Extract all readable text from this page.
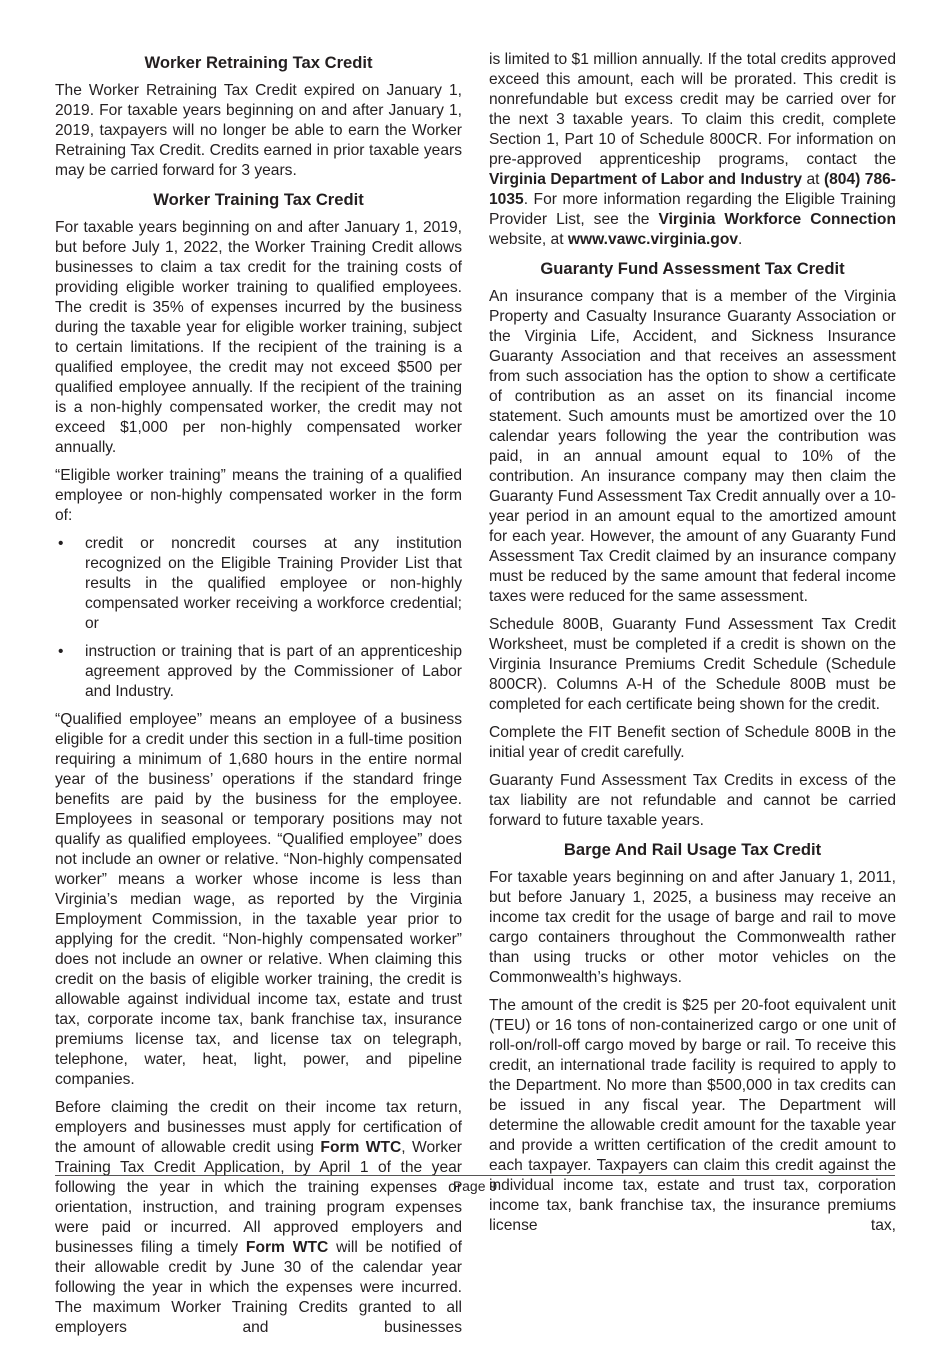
Worker Retraining Tax Credit

The Worker Retraining Tax Credit expired on January 1, 2019. For taxable years beginning on and after January 1, 2019, taxpayers will no longer be able to earn the Worker Retraining Tax Credit. Credits earned in prior taxable years may be carried forward for 3 years.

Worker Training Tax Credit

For taxable years beginning on and after January 1, 2019, but before July 1, 2022, the Worker Training Credit allows businesses to claim a tax credit for the training costs of providing eligible worker training to qualified employees. The credit is 35% of expenses incurred by the business during the taxable year for eligible worker training, subject to certain limitations. If the recipient of the training is a qualified employee, the credit may not exceed $500 per qualified employee annually. If the recipient of the training is a non-highly compensated worker, the credit may not exceed $1,000 per non-highly compensated worker annually.

“Eligible worker training” means the training of a qualified employee or non-highly compensated worker in the form of:

• credit or noncredit courses at any institution recognized on the Eligible Training Provider List that results in the qualified employee or non-highly compensated worker receiving a workforce credential; or
• instruction or training that is part of an apprenticeship agreement approved by the Commissioner of Labor and Industry.

“Qualified employee” means an employee of a business eligible for a credit under this section in a full-time position requiring a minimum of 1,680 hours in the entire normal year of the business’ operations if the standard fringe benefits are paid by the business for the employee. Employees in seasonal or temporary positions may not qualify as qualified employees. “Qualified employee” does not include an owner or relative. “Non-highly compensated worker” means a worker whose income is less than Virginia’s median wage, as reported by the Virginia Employment Commission, in the taxable year prior to applying for the credit. “Non-highly compensated worker” does not include an owner or relative. When claiming this credit on the basis of eligible worker training, the credit is allowable against individual income tax, estate and trust tax, corporate income tax, bank franchise tax, insurance premiums license tax, and license tax on telegraph, telephone, water, heat, light, power, and pipeline companies.

Before claiming the credit on their income tax return, employers and businesses must apply for certification of the amount of allowable credit using Form WTC, Worker Training Tax Credit Application, by April 1 of the year following the year in which the training expenses or orientation, instruction, and training program expenses were paid or incurred. All approved employers and businesses filing a timely Form WTC will be notified of their allowable credit by June 30 of the calendar year following the year in which the expenses were incurred. The maximum Worker Training Credits granted to all employers and businesses

is limited to $1 million annually. If the total credits approved exceed this amount, each will be prorated. This credit is nonrefundable but excess credit may be carried over for the next 3 taxable years. To claim this credit, complete Section 1, Part 10 of Schedule 800CR. For information on pre-approved apprenticeship programs, contact the Virginia Department of Labor and Industry at (804) 786-1035. For more information regarding the Eligible Training Provider List, see the Virginia Workforce Connection website, at www.vawc.virginia.gov.

Guaranty Fund Assessment Tax Credit

An insurance company that is a member of the Virginia Property and Casualty Insurance Guaranty Association or the Virginia Life, Accident, and Sickness Insurance Guaranty Association and that receives an assessment from such association has the option to show a certificate of contribution as an asset on its financial income statement. Such amounts must be amortized over the 10 calendar years following the year the contribution was paid, in an annual amount equal to 10% of the contribution. An insurance company may then claim the Guaranty Fund Assessment Tax Credit annually over a 10-year period in an amount equal to the amortized amount for each year. However, the amount of any Guaranty Fund Assessment Tax Credit claimed by an insurance company must be reduced by the same amount that federal income taxes were reduced for the same assessment.

Schedule 800B, Guaranty Fund Assessment Tax Credit Worksheet, must be completed if a credit is shown on the Virginia Insurance Premiums Credit Schedule (Schedule 800CR). Columns A-H of the Schedule 800B must be completed for each certificate being shown for the credit.

Complete the FIT Benefit section of Schedule 800B in the initial year of credit carefully.

Guaranty Fund Assessment Tax Credits in excess of the tax liability are not refundable and cannot be carried forward to future taxable years.

Barge And Rail Usage Tax Credit

For taxable years beginning on and after January 1, 2011, but before January 1, 2025, a business may receive an income tax credit for the usage of barge and rail to move cargo containers throughout the Commonwealth rather than using trucks or other motor vehicles on the Commonwealth’s highways.

The amount of the credit is $25 per 20-foot equivalent unit (TEU) or 16 tons of non-containerized cargo or one unit of roll-on/roll-off cargo moved by barge or rail. To receive this credit, an international trade facility is required to apply to the Department. No more than $500,000 in tax credits can be issued in any fiscal year. The Department will determine the allowable credit amount for the taxable year and provide a written certification of the credit amount to each taxpayer. Taxpayers can claim this credit against the individual income tax, estate and trust tax, corporation income tax, bank franchise tax, the insurance premiums license tax,

Page 9
